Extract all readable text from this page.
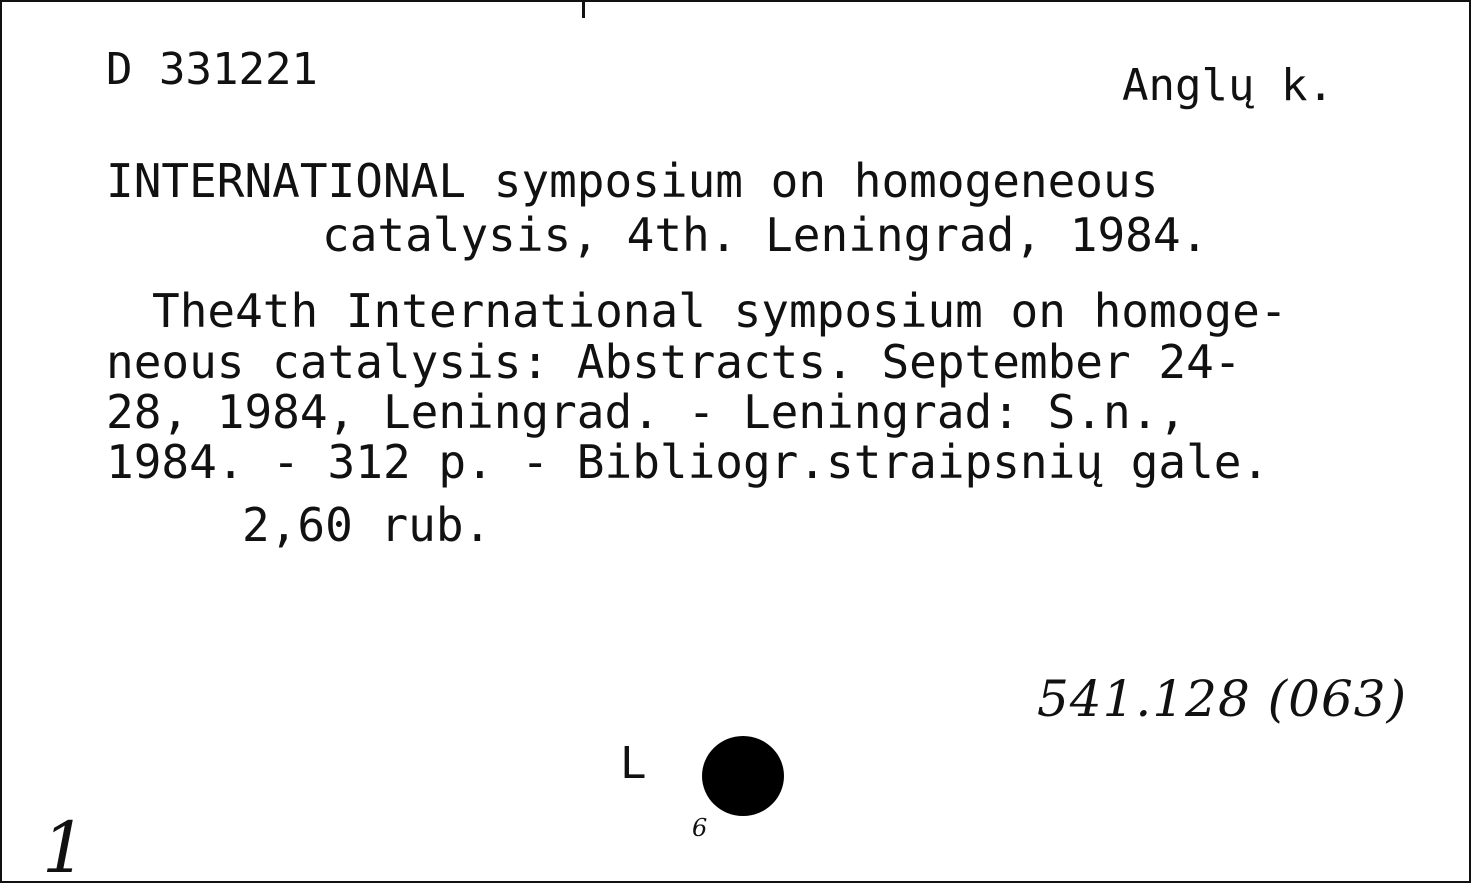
D 331221	Anglų k.
INTERNATIONAL symposium on homogeneous
catalysis, 4th. Leningrad, 1984.
The4th International symposium on homoge-
neous catalysis: Abstracts. September 24-
28, 1984, Leningrad. - Leningrad: S.n.,
1984. - 312 p. - Bibliogr.straipsnių gale.
2,60 rub.
541.128 (063)
L
6
1
